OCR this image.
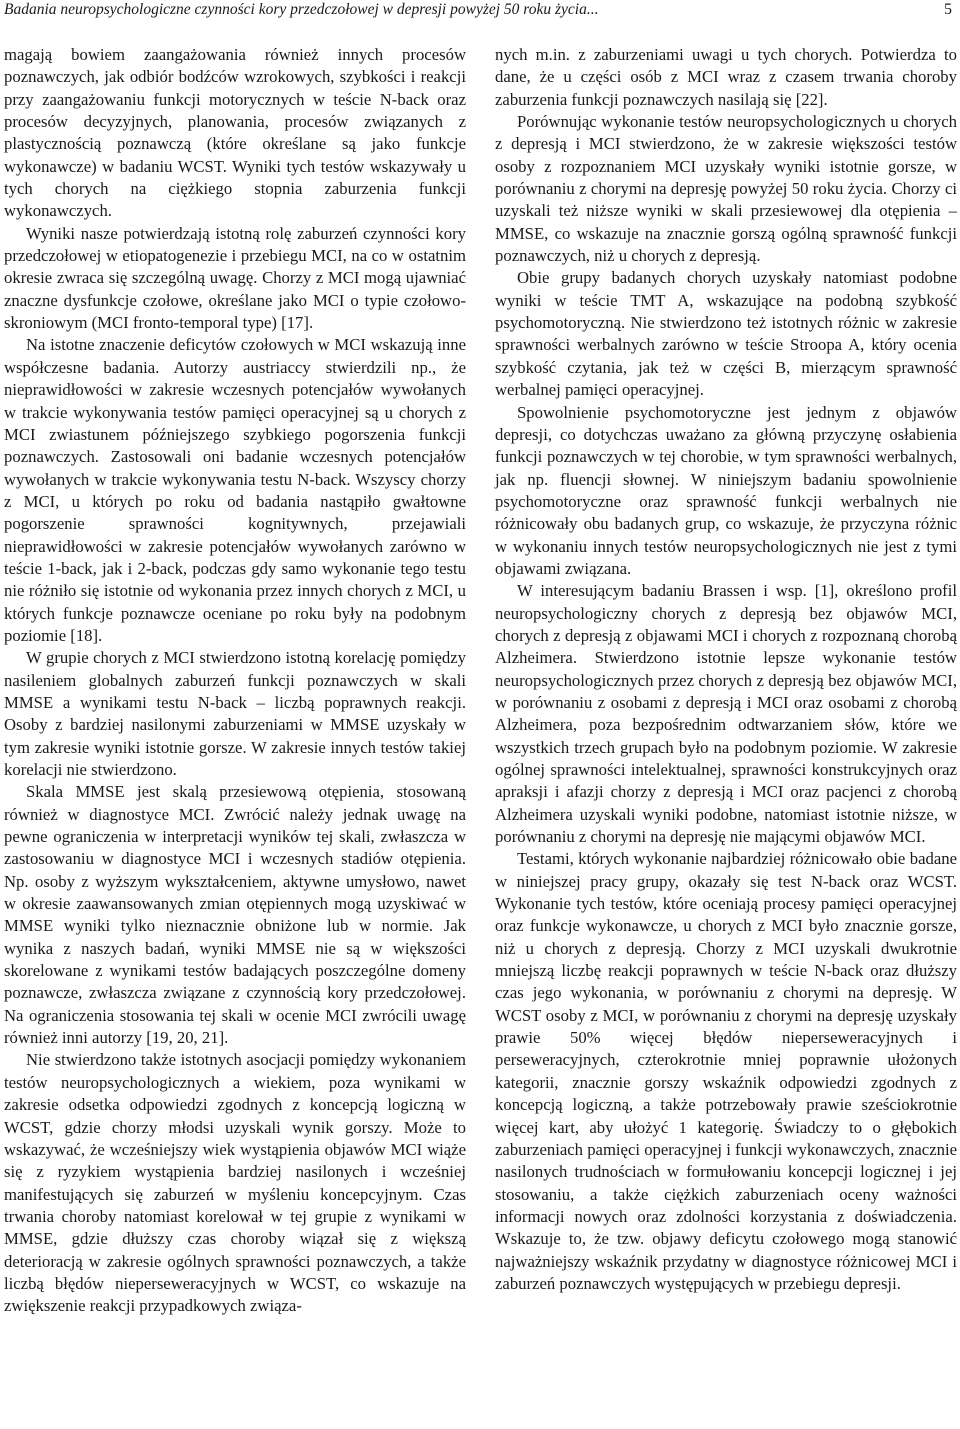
Badania neuropsychologiczne czynności kory przedczołowej w depresji powyżej 50 roku życia...	5

magają bowiem zaangażowania również innych procesów poznawczych, jak odbiór bodźców wzrokowych, szybkości i reakcji przy zaangażowaniu funkcji motorycznych w teście N-back oraz procesów decyzyjnych, planowania, procesów związanych z plastycznością poznawczą (które określane są jako funkcje wykonawcze) w badaniu WCST. Wyniki tych testów wskazywały u tych chorych na ciężkiego stopnia zaburzenia funkcji wykonawczych.

Wyniki nasze potwierdzają istotną rolę zaburzeń czynności kory przedczołowej w etiopatogenezie i przebiegu MCI, na co w ostatnim okresie zwraca się szczególną uwagę. Chorzy z MCI mogą ujawniać znaczne dysfunkcje czołowe, określane jako MCI o typie czołowo-skroniowym (MCI fronto-temporal type) [17].

Na istotne znaczenie deficytów czołowych w MCI wskazują inne współczesne badania. Autorzy austriaccy stwierdzili np., że nieprawidłowości w zakresie wczesnych potencjałów wywołanych w trakcie wykonywania testów pamięci operacyjnej są u chorych z MCI zwiastunem późniejszego szybkiego pogorszenia funkcji poznawczych. Zastosowali oni badanie wczesnych potencjałów wywołanych w trakcie wykonywania testu N-back. Wszyscy chorzy z MCI, u których po roku od badania nastąpiło gwałtowne pogorszenie sprawności kognitywnych, przejawiali nieprawidłowości w zakresie potencjałów wywołanych zarówno w teście 1-back, jak i 2-back, podczas gdy samo wykonanie tego testu nie różniło się istotnie od wykonania przez innych chorych z MCI, u których funkcje poznawcze oceniane po roku były na podobnym poziomie [18].

W grupie chorych z MCI stwierdzono istotną korelację pomiędzy nasileniem globalnych zaburzeń funkcji poznawczych w skali MMSE a wynikami testu N-back – liczbą poprawnych reakcji. Osoby z bardziej nasilonymi zaburzeniami w MMSE uzyskały w tym zakresie wyniki istotnie gorsze. W zakresie innych testów takiej korelacji nie stwierdzono.

Skala MMSE jest skalą przesiewową otępienia, stosowaną również w diagnostyce MCI. Zwrócić należy jednak uwagę na pewne ograniczenia w interpretacji wyników tej skali, zwłaszcza w zastosowaniu w diagnostyce MCI i wczesnych stadiów otępienia. Np. osoby z wyższym wykształceniem, aktywne umysłowo, nawet w okresie zaawansowanych zmian otępiennych mogą uzyskiwać w MMSE wyniki tylko nieznacznie obniżone lub w normie. Jak wynika z naszych badań, wyniki MMSE nie są w większości skorelowane z wynikami testów badających poszczególne domeny poznawcze, zwłaszcza związane z czynnością kory przedczołowej. Na ograniczenia stosowania tej skali w ocenie MCI zwrócili uwagę również inni autorzy [19, 20, 21].

Nie stwierdzono także istotnych asocjacji pomiędzy wykonaniem testów neuropsychologicznych a wiekiem, poza wynikami w zakresie odsetka odpowiedzi zgodnych z koncepcją logiczną w WCST, gdzie chorzy młodsi uzyskali wynik gorszy. Może to wskazywać, że wcześniejszy wiek wystąpienia objawów MCI wiąże się z ryzykiem wystąpienia bardziej nasilonych i wcześniej manifestujących się zaburzeń w myśleniu koncepcyjnym. Czas trwania choroby natomiast korelował w tej grupie z wynikami w MMSE, gdzie dłuższy czas choroby wiązał się z większą deterioracją w zakresie ogólnych sprawności poznawczych, a także liczbą błędów nieperseweracyjnych w WCST, co wskazuje na zwiększenie reakcji przypadkowych związa-

nych m.in. z zaburzeniami uwagi u tych chorych. Potwierdza to dane, że u części osób z MCI wraz z czasem trwania choroby zaburzenia funkcji poznawczych nasilają się [22].

Porównując wykonanie testów neuropsychologicznych u chorych z depresją i MCI stwierdzono, że w zakresie większości testów osoby z rozpoznaniem MCI uzyskały wyniki istotnie gorsze, w porównaniu z chorymi na depresję powyżej 50 roku życia. Chorzy ci uzyskali też niższe wyniki w skali przesiewowej dla otępienia – MMSE, co wskazuje na znacznie gorszą ogólną sprawność funkcji poznawczych, niż u chorych z depresją.

Obie grupy badanych chorych uzyskały natomiast podobne wyniki w teście TMT A, wskazujące na podobną szybkość psychomotoryczną. Nie stwierdzono też istotnych różnic w zakresie sprawności werbalnych zarówno w teście Stroopa A, który ocenia szybkość czytania, jak też w części B, mierzącym sprawność werbalnej pamięci operacyjnej.

Spowolnienie psychomotoryczne jest jednym z objawów depresji, co dotychczas uważano za główną przyczynę osłabienia funkcji poznawczych w tej chorobie, w tym sprawności werbalnych, jak np. fluencji słownej. W niniejszym badaniu spowolnienie psychomotoryczne oraz sprawność funkcji werbalnych nie różnicowały obu badanych grup, co wskazuje, że przyczyna różnic w wykonaniu innych testów neuropsychologicznych nie jest z tymi objawami związana.

W interesującym badaniu Brassen i wsp. [1], określono profil neuropsychologiczny chorych z depresją bez objawów MCI, chorych z depresją z objawami MCI i chorych z rozpoznaną chorobą Alzheimera. Stwierdzono istotnie lepsze wykonanie testów neuropsychologicznych przez chorych z depresją bez objawów MCI, w porównaniu z osobami z depresją i MCI oraz osobami z chorobą Alzheimera, poza bezpośrednim odtwarzaniem słów, które we wszystkich trzech grupach było na podobnym poziomie. W zakresie ogólnej sprawności intelektualnej, sprawności konstrukcyjnych oraz apraksji i afazji chorzy z depresją i MCI oraz pacjenci z chorobą Alzheimera uzyskali wyniki podobne, natomiast istotnie niższe, w porównaniu z chorymi na depresję nie mającymi objawów MCI.

Testami, których wykonanie najbardziej różnicowało obie badane w niniejszej pracy grupy, okazały się test N-back oraz WCST. Wykonanie tych testów, które oceniają procesy pamięci operacyjnej oraz funkcje wykonawcze, u chorych z MCI było znacznie gorsze, niż u chorych z depresją. Chorzy z MCI uzyskali dwukrotnie mniejszą liczbę reakcji poprawnych w teście N-back oraz dłuższy czas jego wykonania, w porównaniu z chorymi na depresję. W WCST osoby z MCI, w porównaniu z chorymi na depresję uzyskały prawie 50% więcej błędów nieperseweracyjnych i perseweracyjnych, czterokrotnie mniej poprawnie ułożonych kategorii, znacznie gorszy wskaźnik odpowiedzi zgodnych z koncepcją logiczną, a także potrzebowały prawie sześciokrotnie więcej kart, aby ułożyć 1 kategorię. Świadczy to o głębokich zaburzeniach pamięci operacyjnej i funkcji wykonawczych, znacznie nasilonych trudnościach w formułowaniu koncepcji logicznej i jej stosowaniu, a także ciężkich zaburzeniach oceny ważności informacji nowych oraz zdolności korzystania z doświadczenia. Wskazuje to, że tzw. objawy deficytu czołowego mogą stanowić najważniejszy wskaźnik przydatny w diagnostyce różnicowej MCI i zaburzeń poznawczych występujących w przebiegu depresji.
